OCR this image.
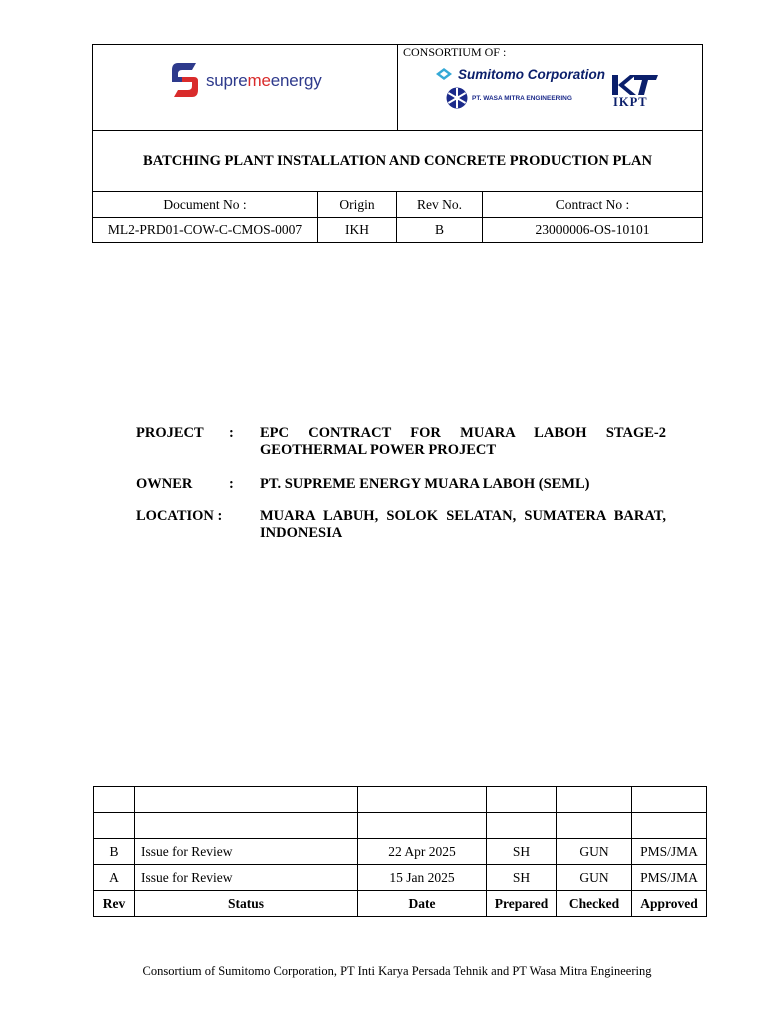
supremeenergy
CONSORTIUM OF :
Sumitomo Corporation
PT. WASA MITRA ENGINEERING	IKPT
BATCHING PLANT INSTALLATION AND CONCRETE PRODUCTION PLAN
Document No :	Origin	Rev No.	Contract No :
ML2-PRD01-COW-C-CMOS-0007	IKH	B	23000006-OS-10101
PROJECT : EPC CONTRACT FOR MUARA LABOH STAGE-2 GEOTHERMAL POWER PROJECT
OWNER	: PT. SUPREME ENERGY MUARA LABOH (SEML)
LOCATION :	MUARA LABUH, SOLOK SELATAN, SUMATERA BARAT, INDONESIA

B	Issue for Review	22 Apr 2025	SH	GUN	PMS/JMA
A	Issue for Review	15 Jan 2025	SH	GUN	PMS/JMA
Rev	Status	Date	Prepared	Checked	Approved
Consortium of Sumitomo Corporation, PT Inti Karya Persada Tehnik and PT Wasa Mitra Engineering
